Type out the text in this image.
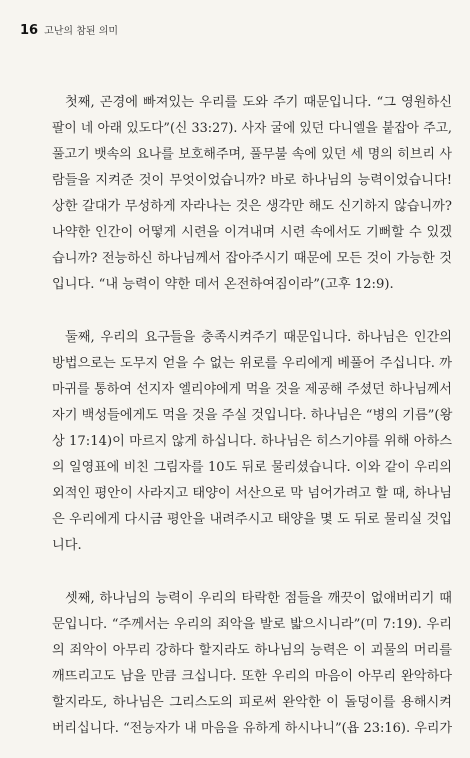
16 고난의 참된 의미

첫째, 곤경에 빠져있는 우리를 도와 주기 때문입니다. “그 영원하신
팔이 네 아래 있도다”(신 33:27). 사자 굴에 있던 다니엘을 붙잡아 주고,
풀고기 뱃속의 요나를 보호해주며, 풀무불 속에 있던 세 명의 히브리 사
람들을 지켜준 것이 무엇이었습니까? 바로 하나님의 능력이었습니다!
상한 갈대가 무성하게 자라나는 것은 생각만 해도 신기하지 않습니까?
나약한 인간이 어떻게 시련을 이겨내며 시련 속에서도 기뻐할 수 있겠
습니까? 전능하신 하나님께서 잡아주시기 때문에 모든 것이 가능한 것
입니다. “내 능력이 약한 데서 온전하여짐이라”(고후 12:9).

둘째, 우리의 요구들을 충족시켜주기 때문입니다. 하나님은 인간의
방법으로는 도무지 얻을 수 없는 위로를 우리에게 베풀어 주십니다. 까
마귀를 통하여 선지자 엘리야에게 먹을 것을 제공해 주셨던 하나님께서
자기 백성들에게도 먹을 것을 주실 것입니다. 하나님은 “병의 기름”(왕
상 17:14)이 마르지 않게 하십니다. 하나님은 히스기야를 위해 아하스
의 일영표에 비친 그림자를 10도 뒤로 물리셨습니다. 이와 같이 우리의
외적인 평안이 사라지고 태양이 서산으로 막 넘어가려고 할 때, 하나님
은 우리에게 다시금 평안을 내려주시고 태양을 몇 도 뒤로 물리실 것입
니다.

셋째, 하나님의 능력이 우리의 타락한 점들을 깨끗이 없애버리기 때
문입니다. “주께서는 우리의 죄악을 발로 밟으시니라”(미 7:19). 우리
의 죄악이 아무리 강하다 할지라도 하나님의 능력은 이 괴물의 머리를
깨뜨리고도 남을 만큼 크십니다. 또한 우리의 마음이 아무리 완악하다
할지라도, 하나님은 그리스도의 피로써 완악한 이 돌덩이를 용해시켜
버리십니다. “전능자가 내 마음을 유하게 하시나니”(욥 23:16). 우리가
